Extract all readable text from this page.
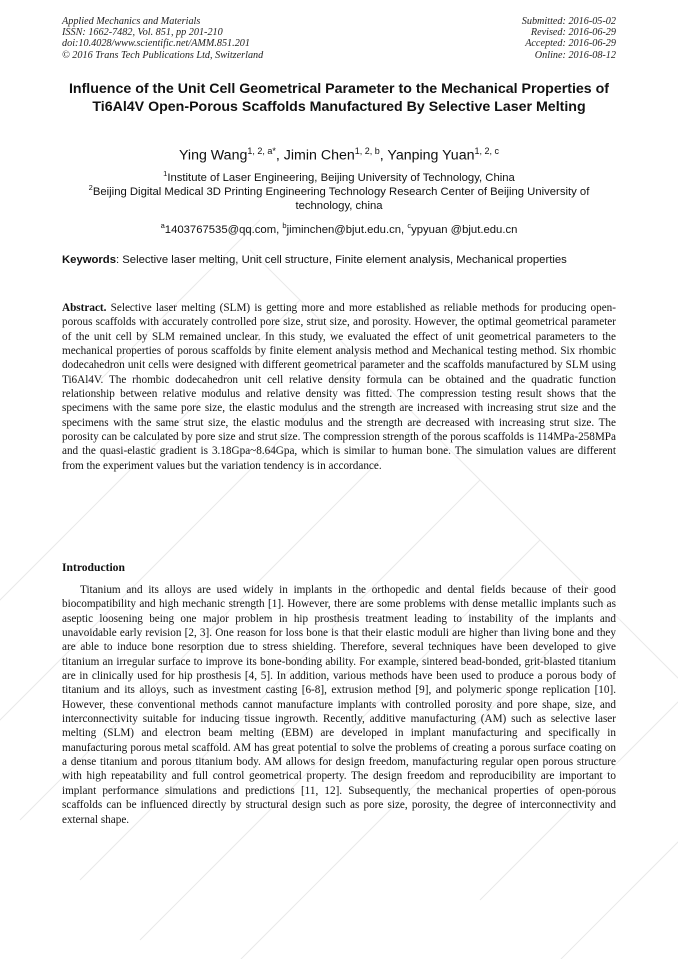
Applied Mechanics and Materials
ISSN: 1662-7482, Vol. 851, pp 201-210
doi:10.4028/www.scientific.net/AMM.851.201
© 2016 Trans Tech Publications Ltd, Switzerland
Submitted: 2016-05-02
Revised: 2016-06-29
Accepted: 2016-06-29
Online: 2016-08-12
Influence of the Unit Cell Geometrical Parameter to the Mechanical Properties of Ti6Al4V Open-Porous Scaffolds Manufactured By Selective Laser Melting
Ying Wang$^{1, 2, a*}$, Jimin Chen$^{1, 2, b}$, Yanping Yuan$^{1, 2, c}$
$^1$Institute of Laser Engineering, Beijing University of Technology, China
$^2$Beijing Digital Medical 3D Printing Engineering Technology Research Center of Beijing University of technology, china
$^a$1403767535@qq.com, $^b$jiminchen@bjut.edu.cn, $^c$ypyuan @bjut.edu.cn
Keywords: Selective laser melting, Unit cell structure, Finite element analysis, Mechanical properties
Abstract. Selective laser melting (SLM) is getting more and more established as reliable methods for producing open-porous scaffolds with accurately controlled pore size, strut size, and porosity. However, the optimal geometrical parameter of the unit cell by SLM remained unclear. In this study, we evaluated the effect of unit geometrical parameters to the mechanical properties of porous scaffolds by finite element analysis method and Mechanical testing method. Six rhombic dodecahedron unit cells were designed with different geometrical parameter and the scaffolds manufactured by SLM using Ti6Al4V. The rhombic dodecahedron unit cell relative density formula can be obtained and the quadratic function relationship between relative modulus and relative density was fitted. The compression testing result shows that the specimens with the same pore size, the elastic modulus and the strength are increased with increasing strut size and the specimens with the same strut size, the elastic modulus and the strength are decreased with increasing strut size. The porosity can be calculated by pore size and strut size. The compression strength of the porous scaffolds is 114MPa-258MPa and the quasi-elastic gradient is 3.18Gpa~8.64Gpa, which is similar to human bone. The simulation values are different from the experiment values but the variation tendency is in accordance.
Introduction
Titanium and its alloys are used widely in implants in the orthopedic and dental fields because of their good biocompatibility and high mechanic strength [1]. However, there are some problems with dense metallic implants such as aseptic loosening being one major problem in hip prosthesis treatment leading to instability of the implants and unavoidable early revision [2, 3]. One reason for loss bone is that their elastic moduli are higher than living bone and they are able to induce bone resorption due to stress shielding. Therefore, several techniques have been developed to give titanium an irregular surface to improve its bone-bonding ability. For example, sintered bead-bonded, grit-blasted titanium are in clinically used for hip prosthesis [4, 5]. In addition, various methods have been used to produce a porous body of titanium and its alloys, such as investment casting [6-8], extrusion method [9], and polymeric sponge replication [10]. However, these conventional methods cannot manufacture implants with controlled porosity and pore shape, size, and interconnectivity suitable for inducing tissue ingrowth. Recently, additive manufacturing (AM) such as selective laser melting (SLM) and electron beam melting (EBM) are developed in implant manufacturing and specifically in manufacturing porous metal scaffold. AM has great potential to solve the problems of creating a porous surface coating on a dense titanium and porous titanium body. AM allows for design freedom, manufacturing regular open porous structure with high repeatability and full control geometrical property. The design freedom and reproducibility are important to implant performance simulations and predictions [11, 12]. Subsequently, the mechanical properties of open-porous scaffolds can be influenced directly by structural design such as pore size, porosity, the degree of interconnectivity and external shape.
